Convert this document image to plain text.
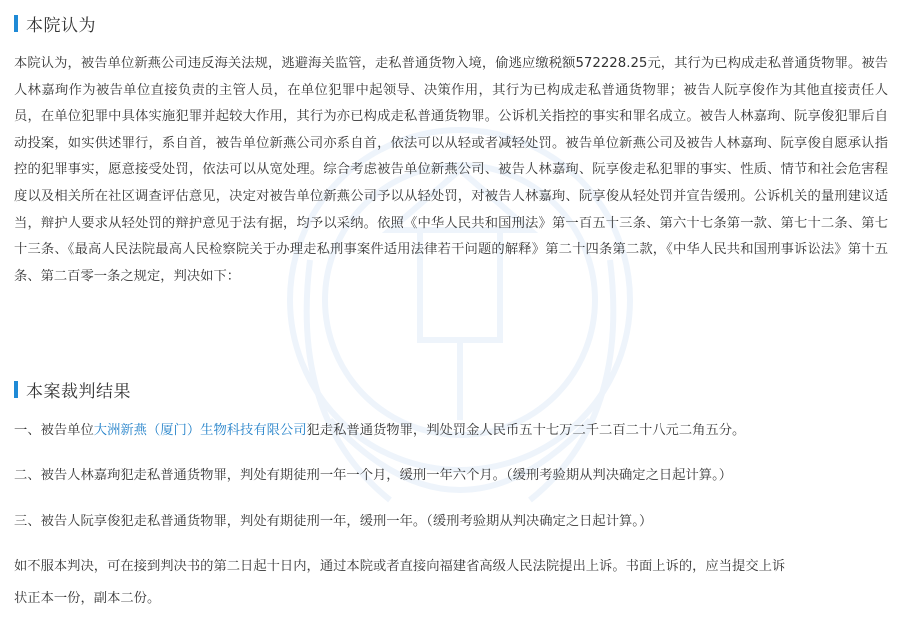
本院认为
本院认为，被告单位新燕公司违反海关法规，逃避海关监管，走私普通货物入境，偷逃应缴税额572228.25元，其行为已构成走私普通货物罪。被告人林嘉珣作为被告单位直接负责的主管人员，在单位犯罪中起领导、决策作用，其行为已构成走私普通货物罪；被告人阮享俊作为其他直接责任人员，在单位犯罪中具体实施犯罪并起较大作用，其行为亦已构成走私普通货物罪。公诉机关指控的事实和罪名成立。被告人林嘉珣、阮享俊犯罪后自动投案，如实供述罪行，系自首，被告单位新燕公司亦系自首，依法可以从轻或者减轻处罚。被告单位新燕公司及被告人林嘉珣、阮享俊自愿承认指控的犯罪事实，愿意接受处罚，依法可以从宽处理。综合考虑被告单位新燕公司、被告人林嘉珣、阮享俊走私犯罪的事实、性质、情节和社会危害程度以及相关所在社区调查评估意见，决定对被告单位新燕公司予以从轻处罚，对被告人林嘉珣、阮享俊从轻处罚并宣告缓刑。公诉机关的量刑建议适当，辩护人要求从轻处罚的辩护意见于法有据，均予以采纳。依照《中华人民共和国刑法》第一百五十三条、第六十七条第一款、第七十二条、第七十三条、《最高人民法院最高人民检察院关于办理走私刑事案件适用法律若干问题的解释》第二十四条第二款，《中华人民共和国刑事诉讼法》第十五条、第二百零一条之规定，判决如下：
本案裁判结果
一、被告单位大洲新燕（厦门）生物科技有限公司犯走私普通货物罪，判处罚金人民币五十七万二千二百二十八元二角五分。
二、被告人林嘉珣犯走私普通货物罪，判处有期徒刑一年一个月，缓刑一年六个月。（缓刑考验期从判决确定之日起计算。）
三、被告人阮享俊犯走私普通货物罪，判处有期徒刑一年，缓刑一年。（缓刑考验期从判决确定之日起计算。）
如不服本判决，可在接到判决书的第二日起十日内，通过本院或者直接向福建省高级人民法院提出上诉。书面上诉的，应当提交上诉
状正本一份，副本二份。
